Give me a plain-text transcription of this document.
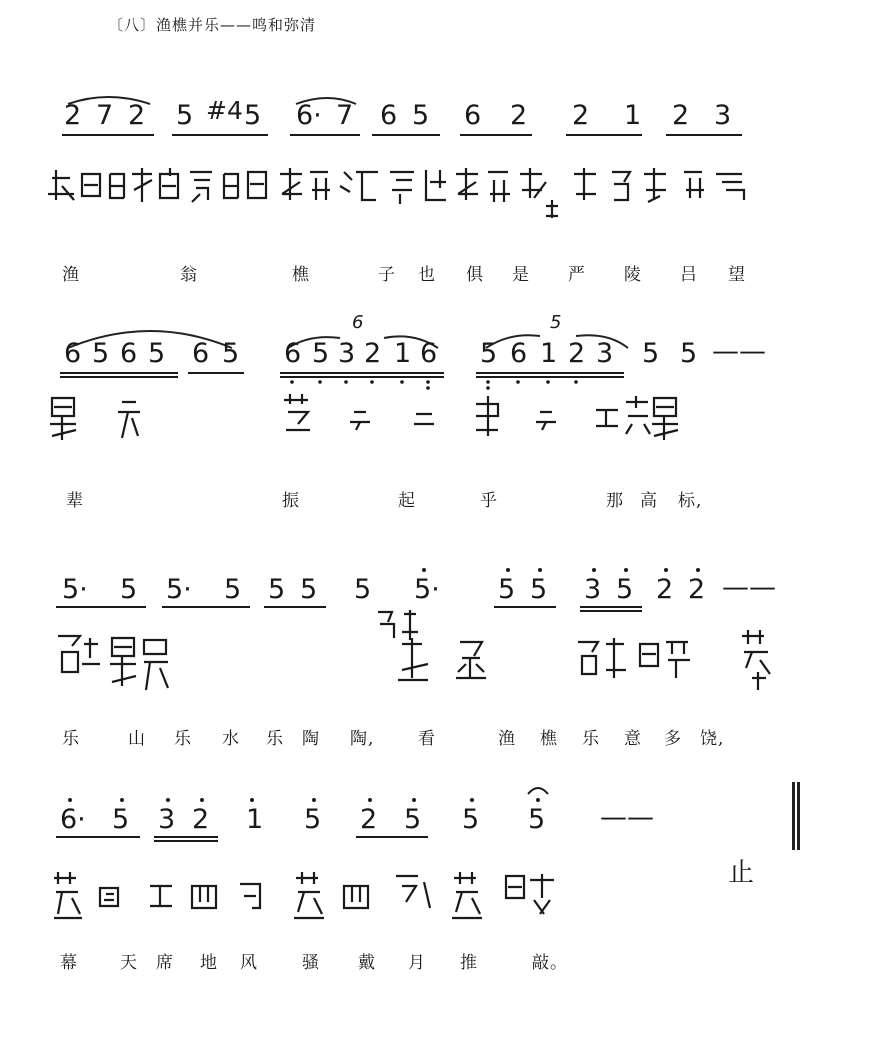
〔八〕渔樵并乐——鸣和弥清
2 7 2 5 #4 5 6· 7 6 5 6 2 2 1 2 3
渔	翁	樵	子 也 俱 是 严 陵 吕 望
6	5
6 5 6 5 6 5 6 5 3 2 1 6 5 6 1 2 3 5 5 ——
辈	振	起	乎	那 高 标,
5· 5 5· 5 5 5 5 5· 5 5 3 5 2 2 ——
乐	山 乐 水 乐 陶 陶,	看	渔 樵 乐 意 多 饶,
6· 5 3 2 1 5 2 5 5 5 ——
幕 天 席 地 风	骚 戴 月 推	敲。
止
